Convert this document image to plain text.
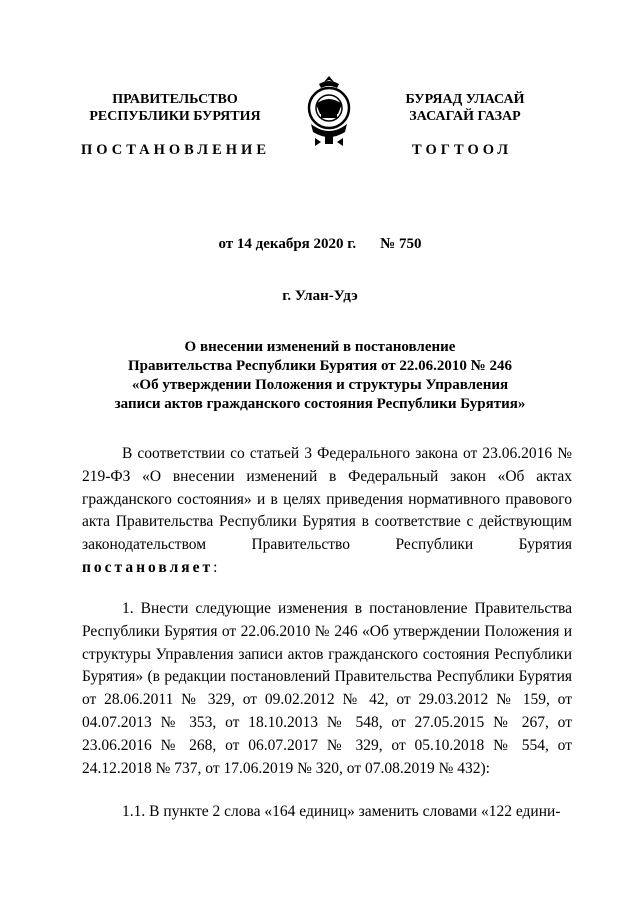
ПРАВИТЕЛЬСТВО
РЕСПУБЛИКИ БУРЯТИЯ
БУРЯАД УЛАСАЙ
ЗАСАГАЙ ГАЗАР
ПОСТАНОВЛЕНИЕ	ТОГТООЛ
от 14 декабря 2020 г. № 750
г. Улан-Удэ
О внесении изменений в постановление
Правительства Республики Бурятия от 22.06.2010 № 246
«Об утверждении Положения и структуры Управления
записи актов гражданского состояния Республики Бурятия»

В соответствии со статьей 3 Федерального закона от 23.06.2016 № 219-ФЗ «О внесении изменений в Федеральный закон «Об актах гражданского состояния» и в целях приведения нормативного правового акта Правительства Республики Бурятия в соответствие с действующим законодательством Правительство Республики Бурятия постановляет:

1. Внести следующие изменения в постановление Правительства Республики Бурятия от 22.06.2010 № 246 «Об утверждении Положения и структуры Управления записи актов гражданского состояния Республики Бурятия» (в редакции постановлений Правительства Республики Бурятия от 28.06.2011 № 329, от 09.02.2012 № 42, от 29.03.2012 № 159, от 04.07.2013 № 353, от 18.10.2013 № 548, от 27.05.2015 № 267, от 23.06.2016 № 268, от 06.07.2017 № 329, от 05.10.2018 № 554, от 24.12.2018 № 737, от 17.06.2019 № 320, от 07.08.2019 № 432):

1.1. В пункте 2 слова «164 единиц» заменить словами «122 едини-
